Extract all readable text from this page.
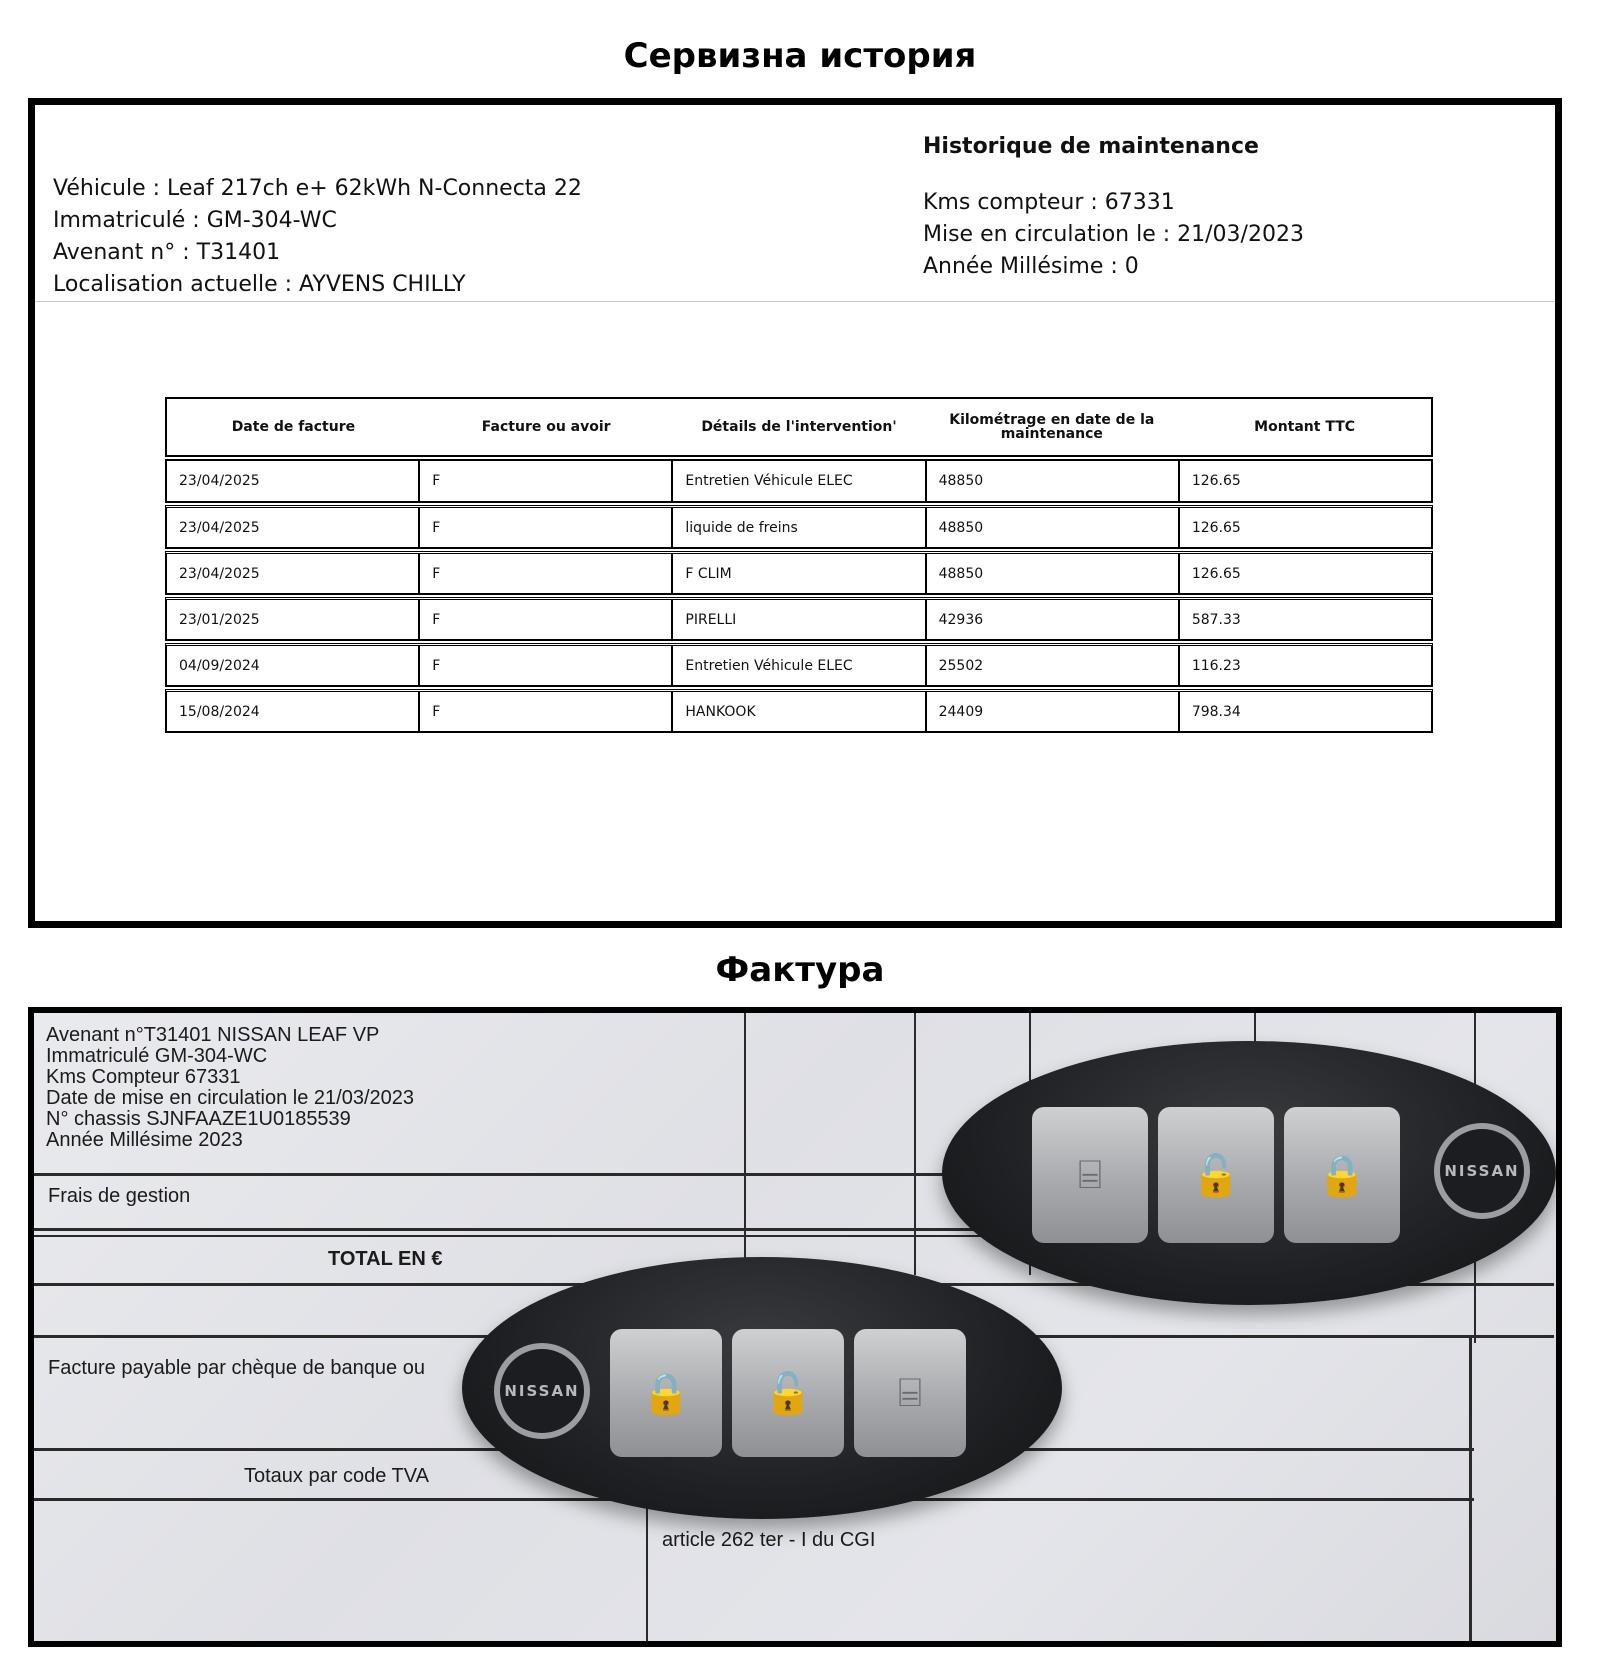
Сервизна история
Véhicule : Leaf 217ch e+ 62kWh N-Connecta 22
Immatriculé : GM-304-WC
Avenant n° : T31401
Localisation actuelle : AYVENS CHILLY
Historique de maintenance
Kms compteur : 67331
Mise en circulation le : 21/03/2023
Année Millésime : 0
Date de facture	Facture ou avoir	Détails de l'intervention'	Kilométrage en date de la maintenance	Montant TTC
23/04/2025	F	Entretien Véhicule ELEC	48850	126.65
23/04/2025	F	liquide de freins	48850	126.65
23/04/2025	F	F CLIM	48850	126.65
23/01/2025	F	PIRELLI	42936	587.33
04/09/2024	F	Entretien Véhicule ELEC	25502	116.23
15/08/2024	F	HANKOOK	24409	798.34
Фактура
Avenant n°T31401 NISSAN LEAF VP
Immatriculé GM-304-WC
Kms Compteur 67331
Date de mise en circulation le 21/03/2023
N° chassis SJNFAAZE1U0185539
Année Millésime 2023
Frais de gestion
TOTAL EN €
Facture payable par chèque de banque ou
Totaux par code TVA
article 262 ter - I du CGI
⌸	🔓	🔒	NISSAN
NISSAN	🔒	🔓	⌸
